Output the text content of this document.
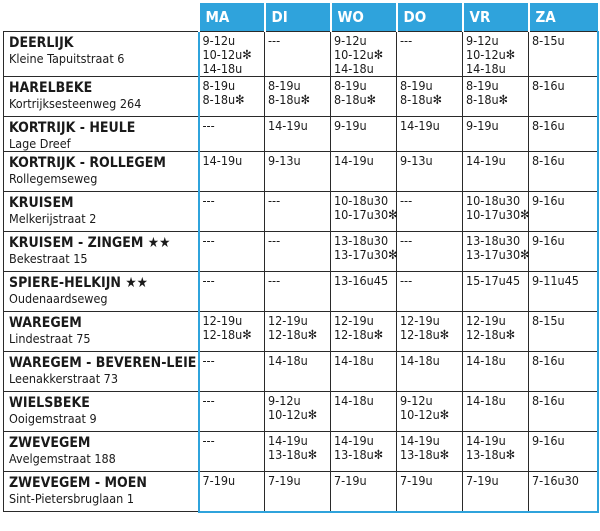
	MA	DI	WO	DO	VR	ZA

DEERLIJK
Kleine Tapuitstraat 6	9-12u
10-12u✻
14-18u	---	9-12u
10-12u✻
14-18u	---	9-12u
10-12u✻
14-18u	8-15u

HARELBEKE
Kortrijksesteenweg 264	8-19u
8-18u✻	8-19u
8-18u✻	8-19u
8-18u✻	8-19u
8-18u✻	8-19u
8-18u✻	8-16u

KORTRIJK - HEULE
Lage Dreef	---	14-19u	9-19u	14-19u	9-19u	8-16u

KORTRIJK - ROLLEGEM
Rollegemseweg	14-19u	9-13u	14-19u	9-13u	14-19u	8-16u

KRUISEM
Melkerijstraat 2	---	---	10-18u30
10-17u30✻	---	10-18u30
10-17u30✻	9-16u

KRUISEM - ZINGEM ★★
Bekestraat 15	---	---	13-18u30
13-17u30✻	---	13-18u30
13-17u30✻	9-16u

SPIERE-HELKIJN ★★
Oudenaardseweg	---	---	13-16u45	---	15-17u45	9-11u45

WAREGEM
Lindestraat 75	12-19u
12-18u✻	12-19u
12-18u✻	12-19u
12-18u✻	12-19u
12-18u✻	12-19u
12-18u✻	8-15u

WAREGEM - BEVEREN-LEIE
Leenakkerstraat 73	---	14-18u	14-18u	14-18u	14-18u	8-16u

WIELSBEKE
Ooigemstraat 9	---	9-12u
10-12u✻	14-18u	9-12u
10-12u✻	14-18u	8-16u

ZWEVEGEM
Avelgemstraat 188	---	14-19u
13-18u✻	14-19u
13-18u✻	14-19u
13-18u✻	14-19u
13-18u✻	9-16u

ZWEVEGEM - MOEN
Sint-Pietersbruglaan 1	7-19u	7-19u	7-19u	7-19u	7-19u	7-16u30
